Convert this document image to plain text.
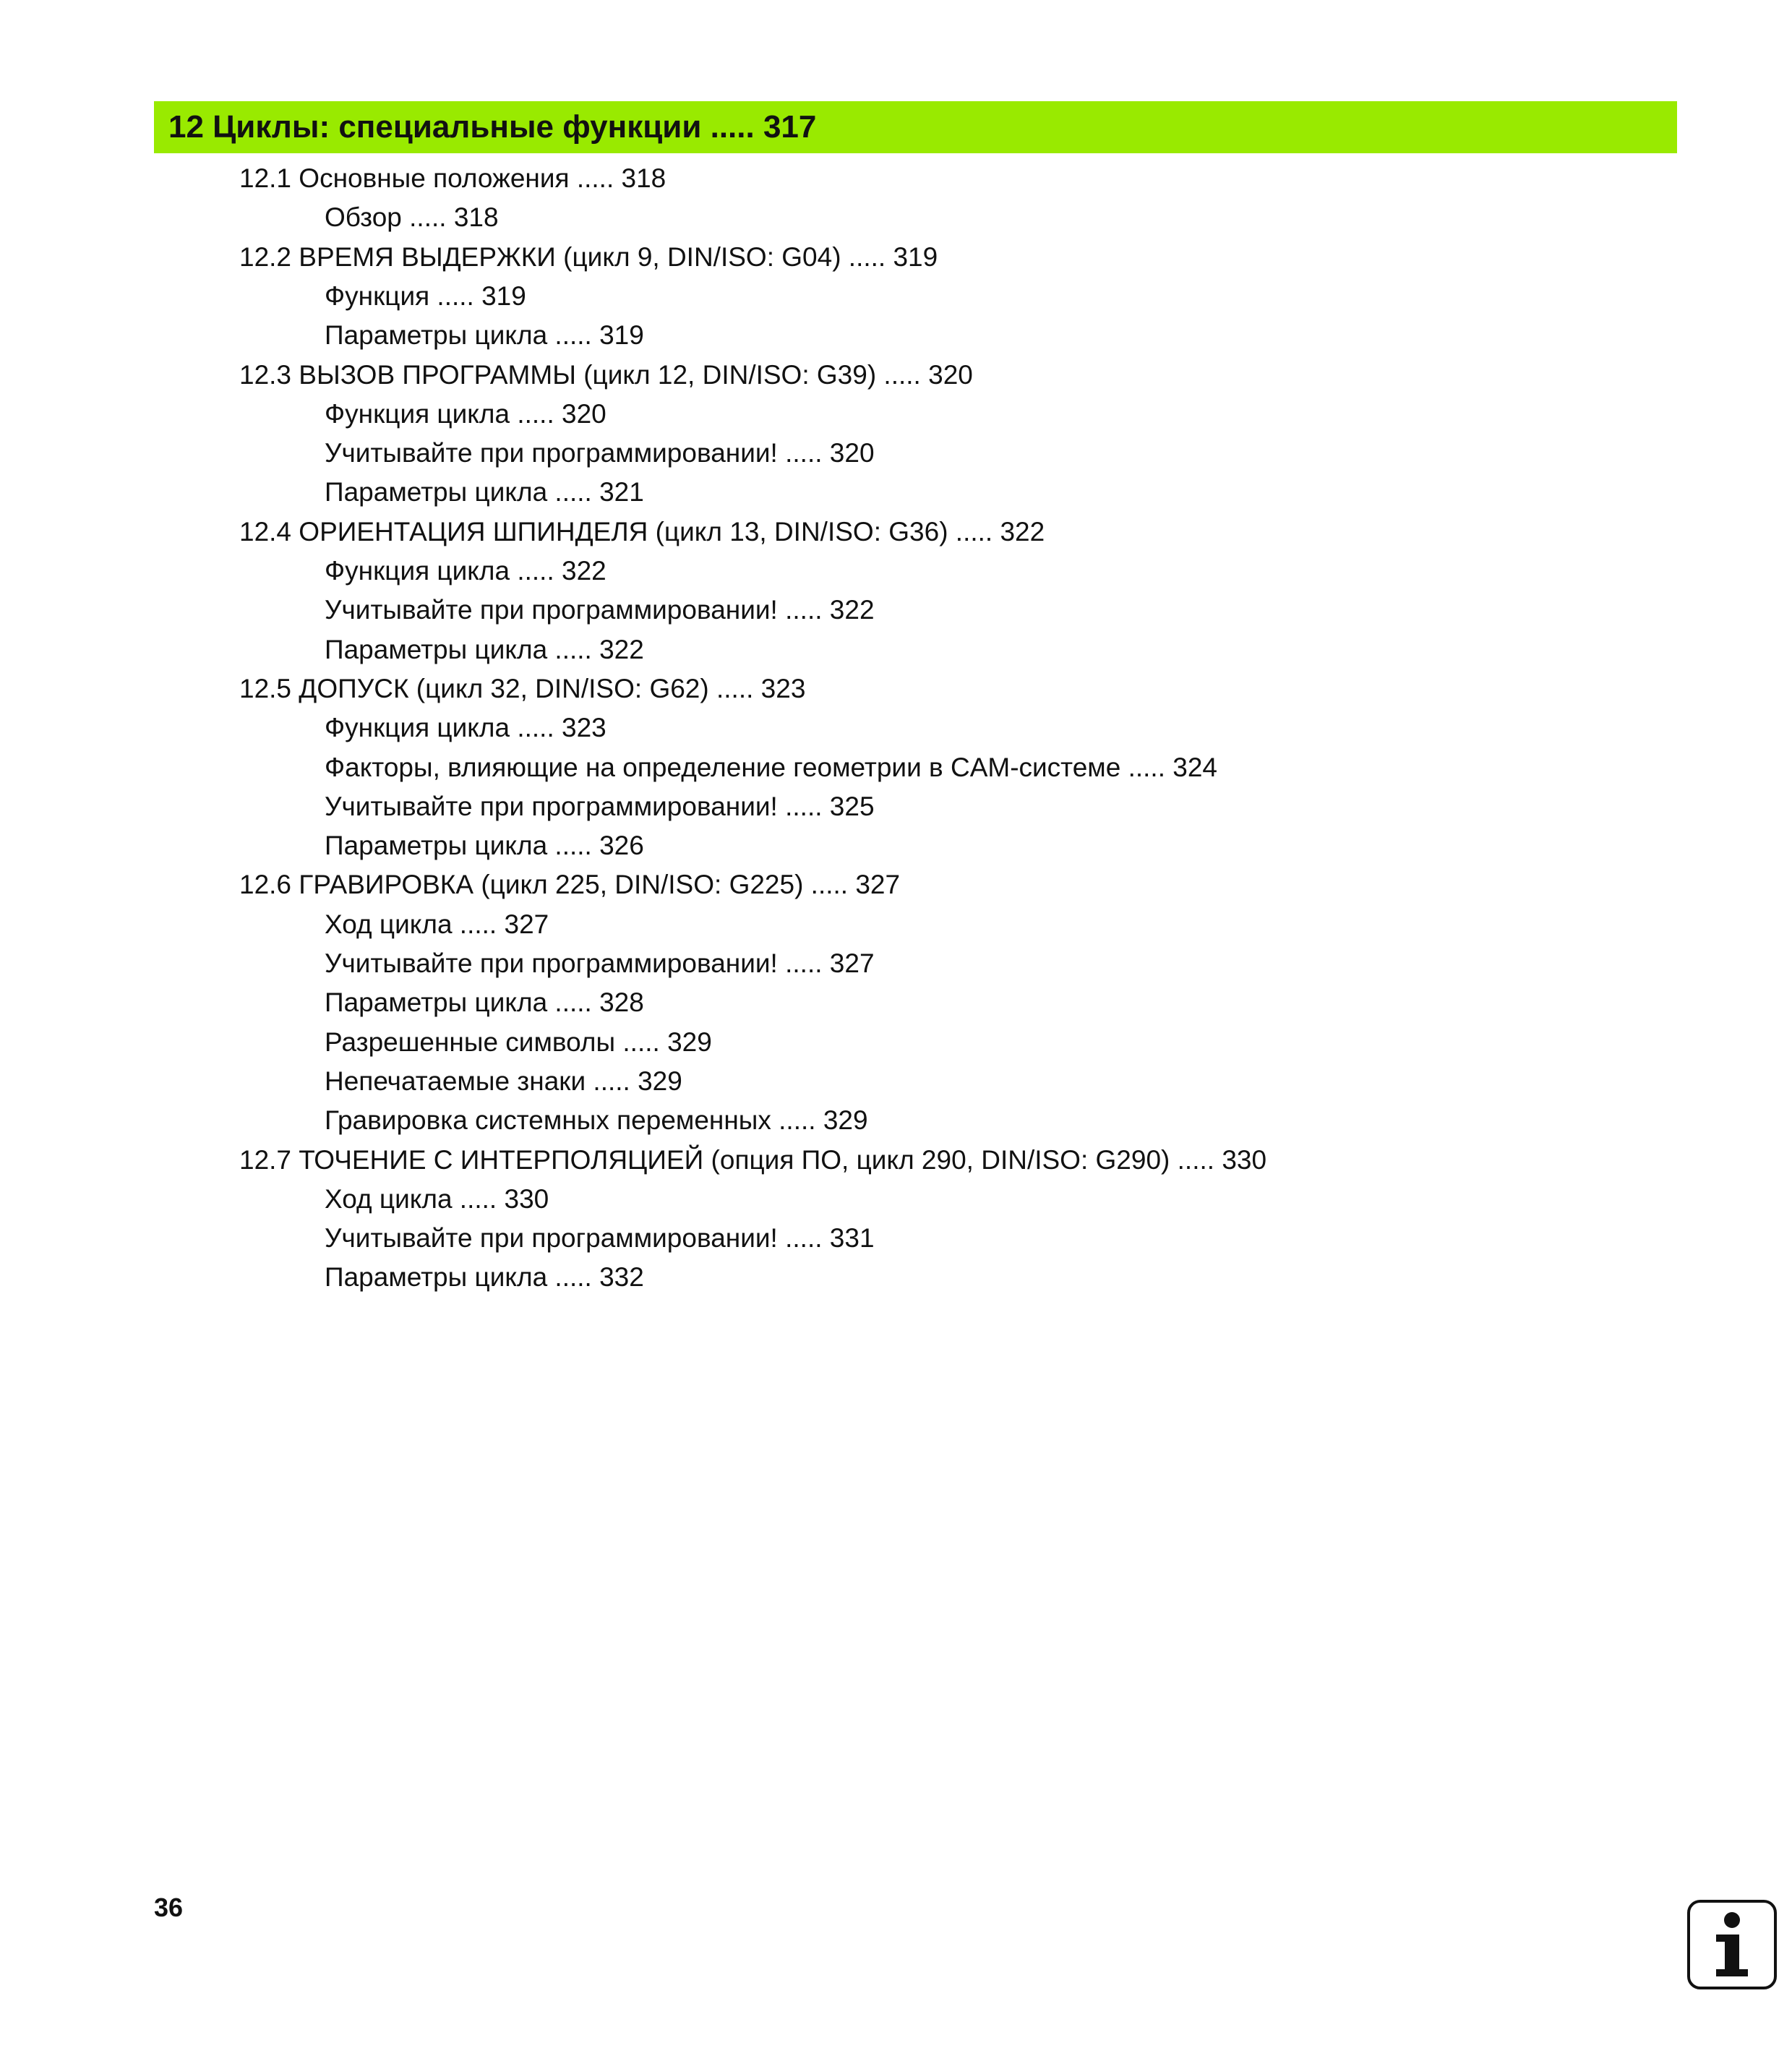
12 Циклы: специальные функции ..... 317
12.1 Основные положения ..... 318
Обзор ..... 318
12.2 ВРЕМЯ ВЫДЕРЖКИ (цикл 9, DIN/ISO: G04) ..... 319
Функция ..... 319
Параметры цикла ..... 319
12.3 ВЫЗОВ ПРОГРАММЫ (цикл 12, DIN/ISO: G39) ..... 320
Функция цикла ..... 320
Учитывайте при программировании! ..... 320
Параметры цикла ..... 321
12.4 ОРИЕНТАЦИЯ ШПИНДЕЛЯ (цикл 13, DIN/ISO: G36) ..... 322
Функция цикла ..... 322
Учитывайте при программировании! ..... 322
Параметры цикла ..... 322
12.5 ДОПУСК (цикл 32, DIN/ISO: G62) ..... 323
Функция цикла ..... 323
Факторы, влияющие на определение геометрии в CAM-системе ..... 324
Учитывайте при программировании! ..... 325
Параметры цикла ..... 326
12.6 ГРАВИРОВКА (цикл 225, DIN/ISO: G225) ..... 327
Ход цикла ..... 327
Учитывайте при программировании! ..... 327
Параметры цикла ..... 328
Разрешенные символы ..... 329
Непечатаемые знаки ..... 329
Гравировка системных переменных ..... 329
12.7 ТОЧЕНИЕ С ИНТЕРПОЛЯЦИЕЙ (опция ПО, цикл 290, DIN/ISO: G290) ..... 330
Ход цикла ..... 330
Учитывайте при программировании! ..... 331
Параметры цикла ..... 332
36
